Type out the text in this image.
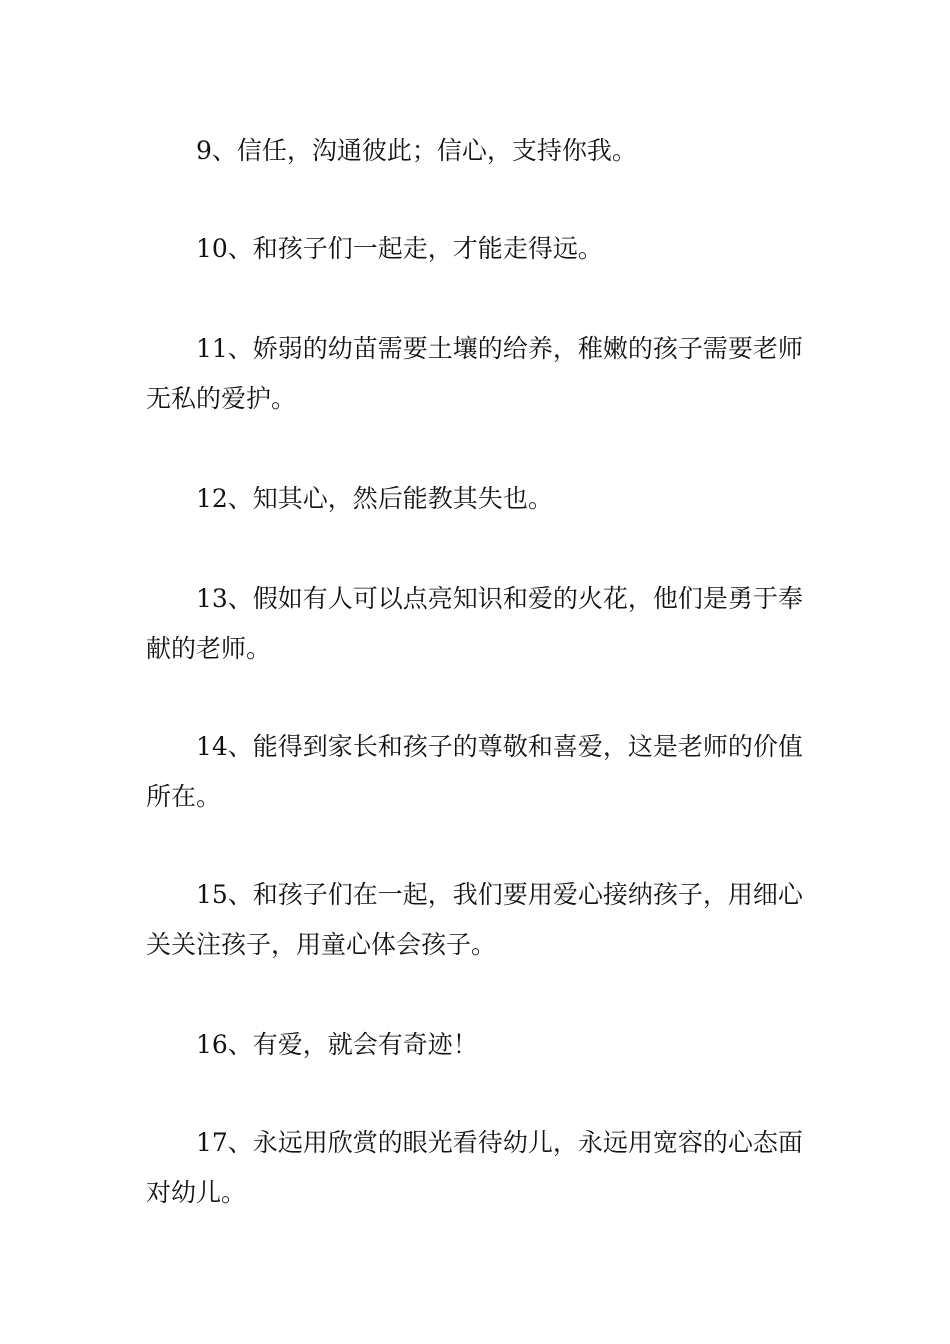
9、信任，沟通彼此；信心，支持你我。

10、和孩子们一起走，才能走得远。

11、娇弱的幼苗需要土壤的给养，稚嫩的孩子需要老师无私的爱护。

12、知其心，然后能教其失也。

13、假如有人可以点亮知识和爱的火花，他们是勇于奉献的老师。

14、能得到家长和孩子的尊敬和喜爱，这是老师的价值所在。

15、和孩子们在一起，我们要用爱心接纳孩子，用细心关关注孩子，用童心体会孩子。

16、有爱，就会有奇迹！

17、永远用欣赏的眼光看待幼儿，永远用宽容的心态面对幼儿。
